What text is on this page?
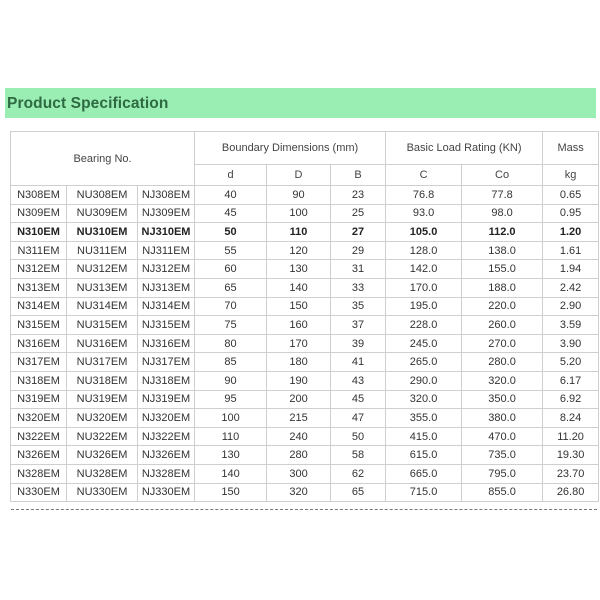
Product Specification
Bearing No.			Boundary Dimensions (mm)			Basic Load Rating (KN)		Mass
			d	D	B	C	Co	kg
N308EM	NU308EM	NJ308EM	40	90	23	76.8	77.8	0.65
N309EM	NU309EM	NJ309EM	45	100	25	93.0	98.0	0.95
N310EM	NU310EM	NJ310EM	50	110	27	105.0	112.0	1.20
N311EM	NU311EM	NJ311EM	55	120	29	128.0	138.0	1.61
N312EM	NU312EM	NJ312EM	60	130	31	142.0	155.0	1.94
N313EM	NU313EM	NJ313EM	65	140	33	170.0	188.0	2.42
N314EM	NU314EM	NJ314EM	70	150	35	195.0	220.0	2.90
N315EM	NU315EM	NJ315EM	75	160	37	228.0	260.0	3.59
N316EM	NU316EM	NJ316EM	80	170	39	245.0	270.0	3.90
N317EM	NU317EM	NJ317EM	85	180	41	265.0	280.0	5.20
N318EM	NU318EM	NJ318EM	90	190	43	290.0	320.0	6.17
N319EM	NU319EM	NJ319EM	95	200	45	320.0	350.0	6.92
N320EM	NU320EM	NJ320EM	100	215	47	355.0	380.0	8.24
N322EM	NU322EM	NJ322EM	110	240	50	415.0	470.0	11.20
N326EM	NU326EM	NJ326EM	130	280	58	615.0	735.0	19.30
N328EM	NU328EM	NJ328EM	140	300	62	665.0	795.0	23.70
N330EM	NU330EM	NJ330EM	150	320	65	715.0	855.0	26.80
